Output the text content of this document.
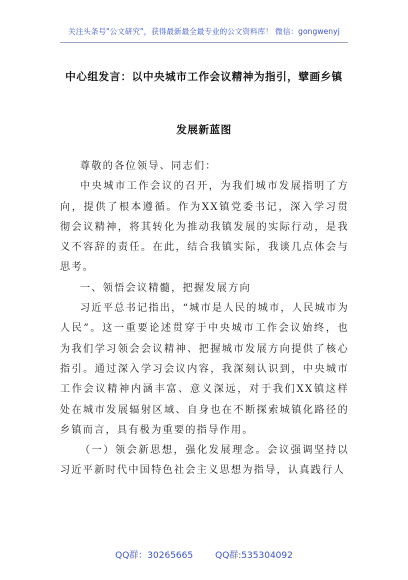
关注头条号"公文研究"，获得最新最全最专业的公文资料库！ 微信：gongwenyj
中心组发言：以中央城市工作会议精神为指引，擘画乡镇
发展新蓝图

尊敬的各位领导、同志们：

中央城市工作会议的召开，为我们城市发展指明了方向，提供了根本遵循。作为XX镇党委书记，深入学习贯彻会议精神，将其转化为推动我镇发展的实际行动，是我义不容辞的责任。在此，结合我镇实际，我谈几点体会与思考。

一、领悟会议精髓，把握发展方向

习近平总书记指出，“城市是人民的城市，人民城市为人民”。这一重要论述贯穿于中央城市工作会议始终，也为我们学习领会会议精神、把握城市发展方向提供了核心指引。通过深入学习会议内容，我深刻认识到，中央城市工作会议精神内涵丰富、意义深远，对于我们XX镇这样处在城市发展辐射区域、自身也在不断探索城镇化路径的乡镇而言，具有极为重要的指导作用。

（一）领会新思想，强化发展理念。会议强调坚持以习近平新时代中国特色社会主义思想为指导，认真践行人

QQ群：30265665 QQ群:535304092
